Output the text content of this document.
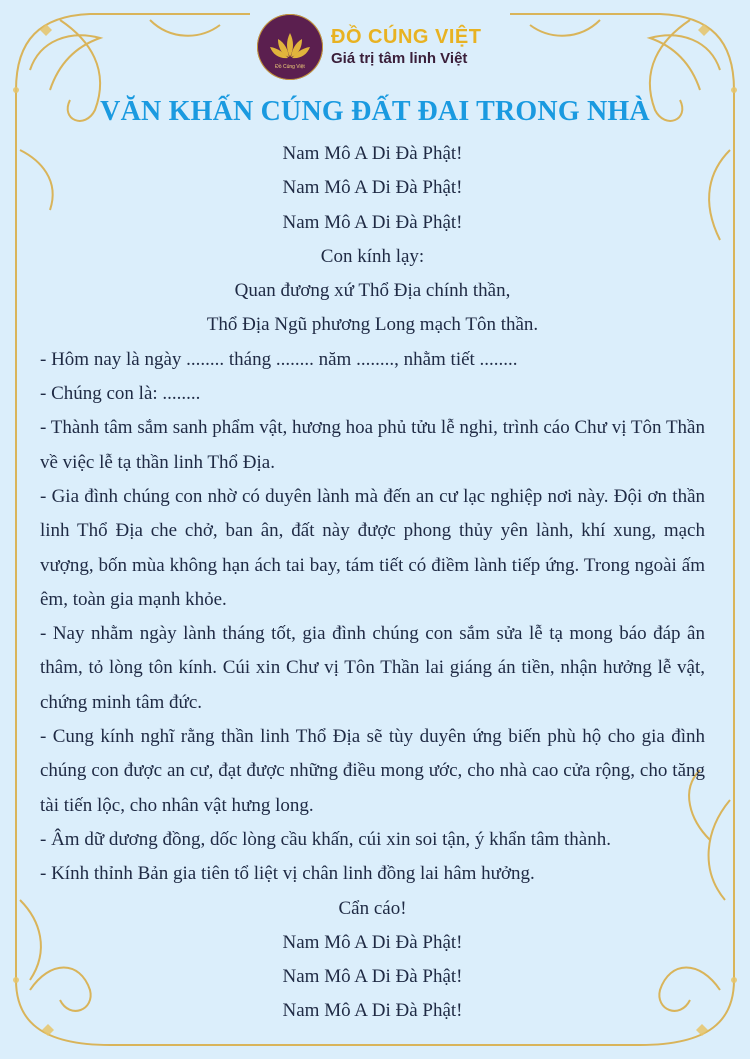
Đồ Cúng Việt
ĐỒ CÚNG VIỆT
Giá trị tâm linh Việt
VĂN KHẤN CÚNG ĐẤT ĐAI TRONG NHÀ
Nam Mô A Di Đà Phật!
Nam Mô A Di Đà Phật!
Nam Mô A Di Đà Phật!
Con kính lạy:
Quan đương xứ Thổ Địa chính thần,
Thổ Địa Ngũ phương Long mạch Tôn thần.
- Hôm nay là ngày ........ tháng ........ năm ........, nhằm tiết ........
- Chúng con là: ........
- Thành tâm sắm sanh phẩm vật, hương hoa phủ tửu lễ nghi, trình cáo Chư vị Tôn Thần về việc lễ tạ thần linh Thổ Địa.
- Gia đình chúng con nhờ có duyên lành mà đến an cư lạc nghiệp nơi này. Đội ơn thần linh Thổ Địa che chở, ban ân, đất này được phong thủy yên lành, khí xung, mạch vượng, bốn mùa không hạn ách tai bay, tám tiết có điềm lành tiếp ứng. Trong ngoài ấm êm, toàn gia mạnh khỏe.
- Nay nhằm ngày lành tháng tốt, gia đình chúng con sắm sửa lễ tạ mong báo đáp ân thâm, tỏ lòng tôn kính. Cúi xin Chư vị Tôn Thần lai giáng án tiền, nhận hưởng lễ vật, chứng minh tâm đức.
- Cung kính nghĩ rằng thần linh Thổ Địa sẽ tùy duyên ứng biến phù hộ cho gia đình chúng con được an cư, đạt được những điều mong ước, cho nhà cao cửa rộng, cho tăng tài tiến lộc, cho nhân vật hưng long.
- Âm dữ dương đồng, dốc lòng cầu khấn, cúi xin soi tận, ý khẩn tâm thành.
- Kính thỉnh Bản gia tiên tổ liệt vị chân linh đồng lai hâm hưởng.
Cẩn cáo!
Nam Mô A Di Đà Phật!
Nam Mô A Di Đà Phật!
Nam Mô A Di Đà Phật!
